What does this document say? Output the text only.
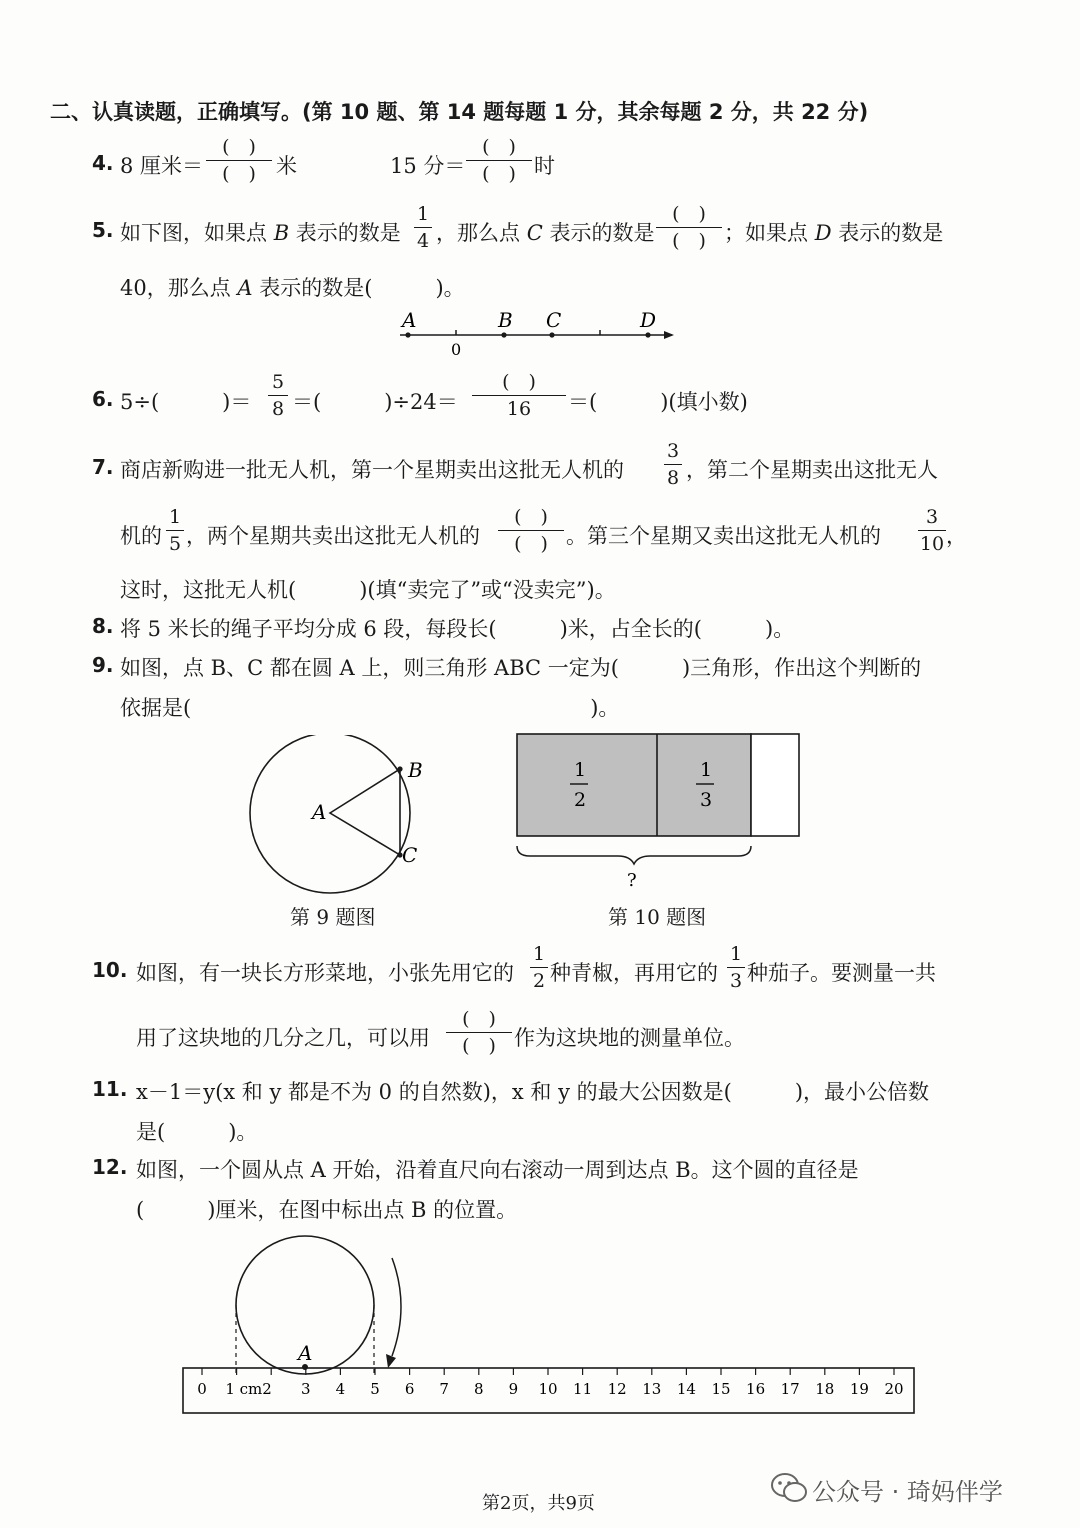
二、认真读题，正确填写。(第 10 题、第 14 题每题 1 分，其余每题 2 分，共 22 分)
4. 8 厘米＝
(　)
(　) 米	15 分＝
(　)
(　) 时
5. 如下图，如果点 B 表示的数是
1
4 ，那么点 C 表示的数是
(　)
(　) ；如果点 D 表示的数是
40，那么点 A 表示的数是(　　　)。
A	B C	D
0
6. 5÷(　　　)＝
5
8 ＝(　　　)÷24＝
(　)
16	＝(　　　)(填小数)
7. 商店新购进一批无人机，第一个星期卖出这批无人机的
3
8 ，第二个星期卖出这批无人
机的
1
5 ，两个星期共卖出这批无人机的
(　)
(　) 。第三个星期又卖出这批无人机的
3
10 ，
这时，这批无人机(　　　)(填“卖完了”或“没卖完”)。
8. 将 5 米长的绳子平均分成 6 段，每段长(　　　)米，占全长的(　　　)。
9. 如图，点 B、C 都在圆 A 上，则三角形 ABC 一定为(　　　)三角形，作出这个判断的
依据是(　　　　　　　　　　　　　　　　　　　)。
A
B
C
第 9 题图
1
2
1
3
?
第 10 题图
10. 如图，有一块长方形菜地，小张先用它的
1
2 种青椒，再用它的
1
3 种茄子。要测量一共
用了这块地的几分之几，可以用
(　)
(　) 作为这块地的测量单位。
11. x－1＝y(x 和 y 都是不为 0 的自然数)，x 和 y 的最大公因数是(　　　)，最小公倍数
是(　　　)。
12. 如图，一个圆从点 A 开始，沿着直尺向右滚动一周到达点 B。这个圆的直径是
(　　　)厘米，在图中标出点 B 的位置。
A
0 1 cm2 3 4 5 6 7 8 9 10 11 12 13 14 15 16 17 18 19 20
第2页，共9页	公众号 · 琦妈伴学
